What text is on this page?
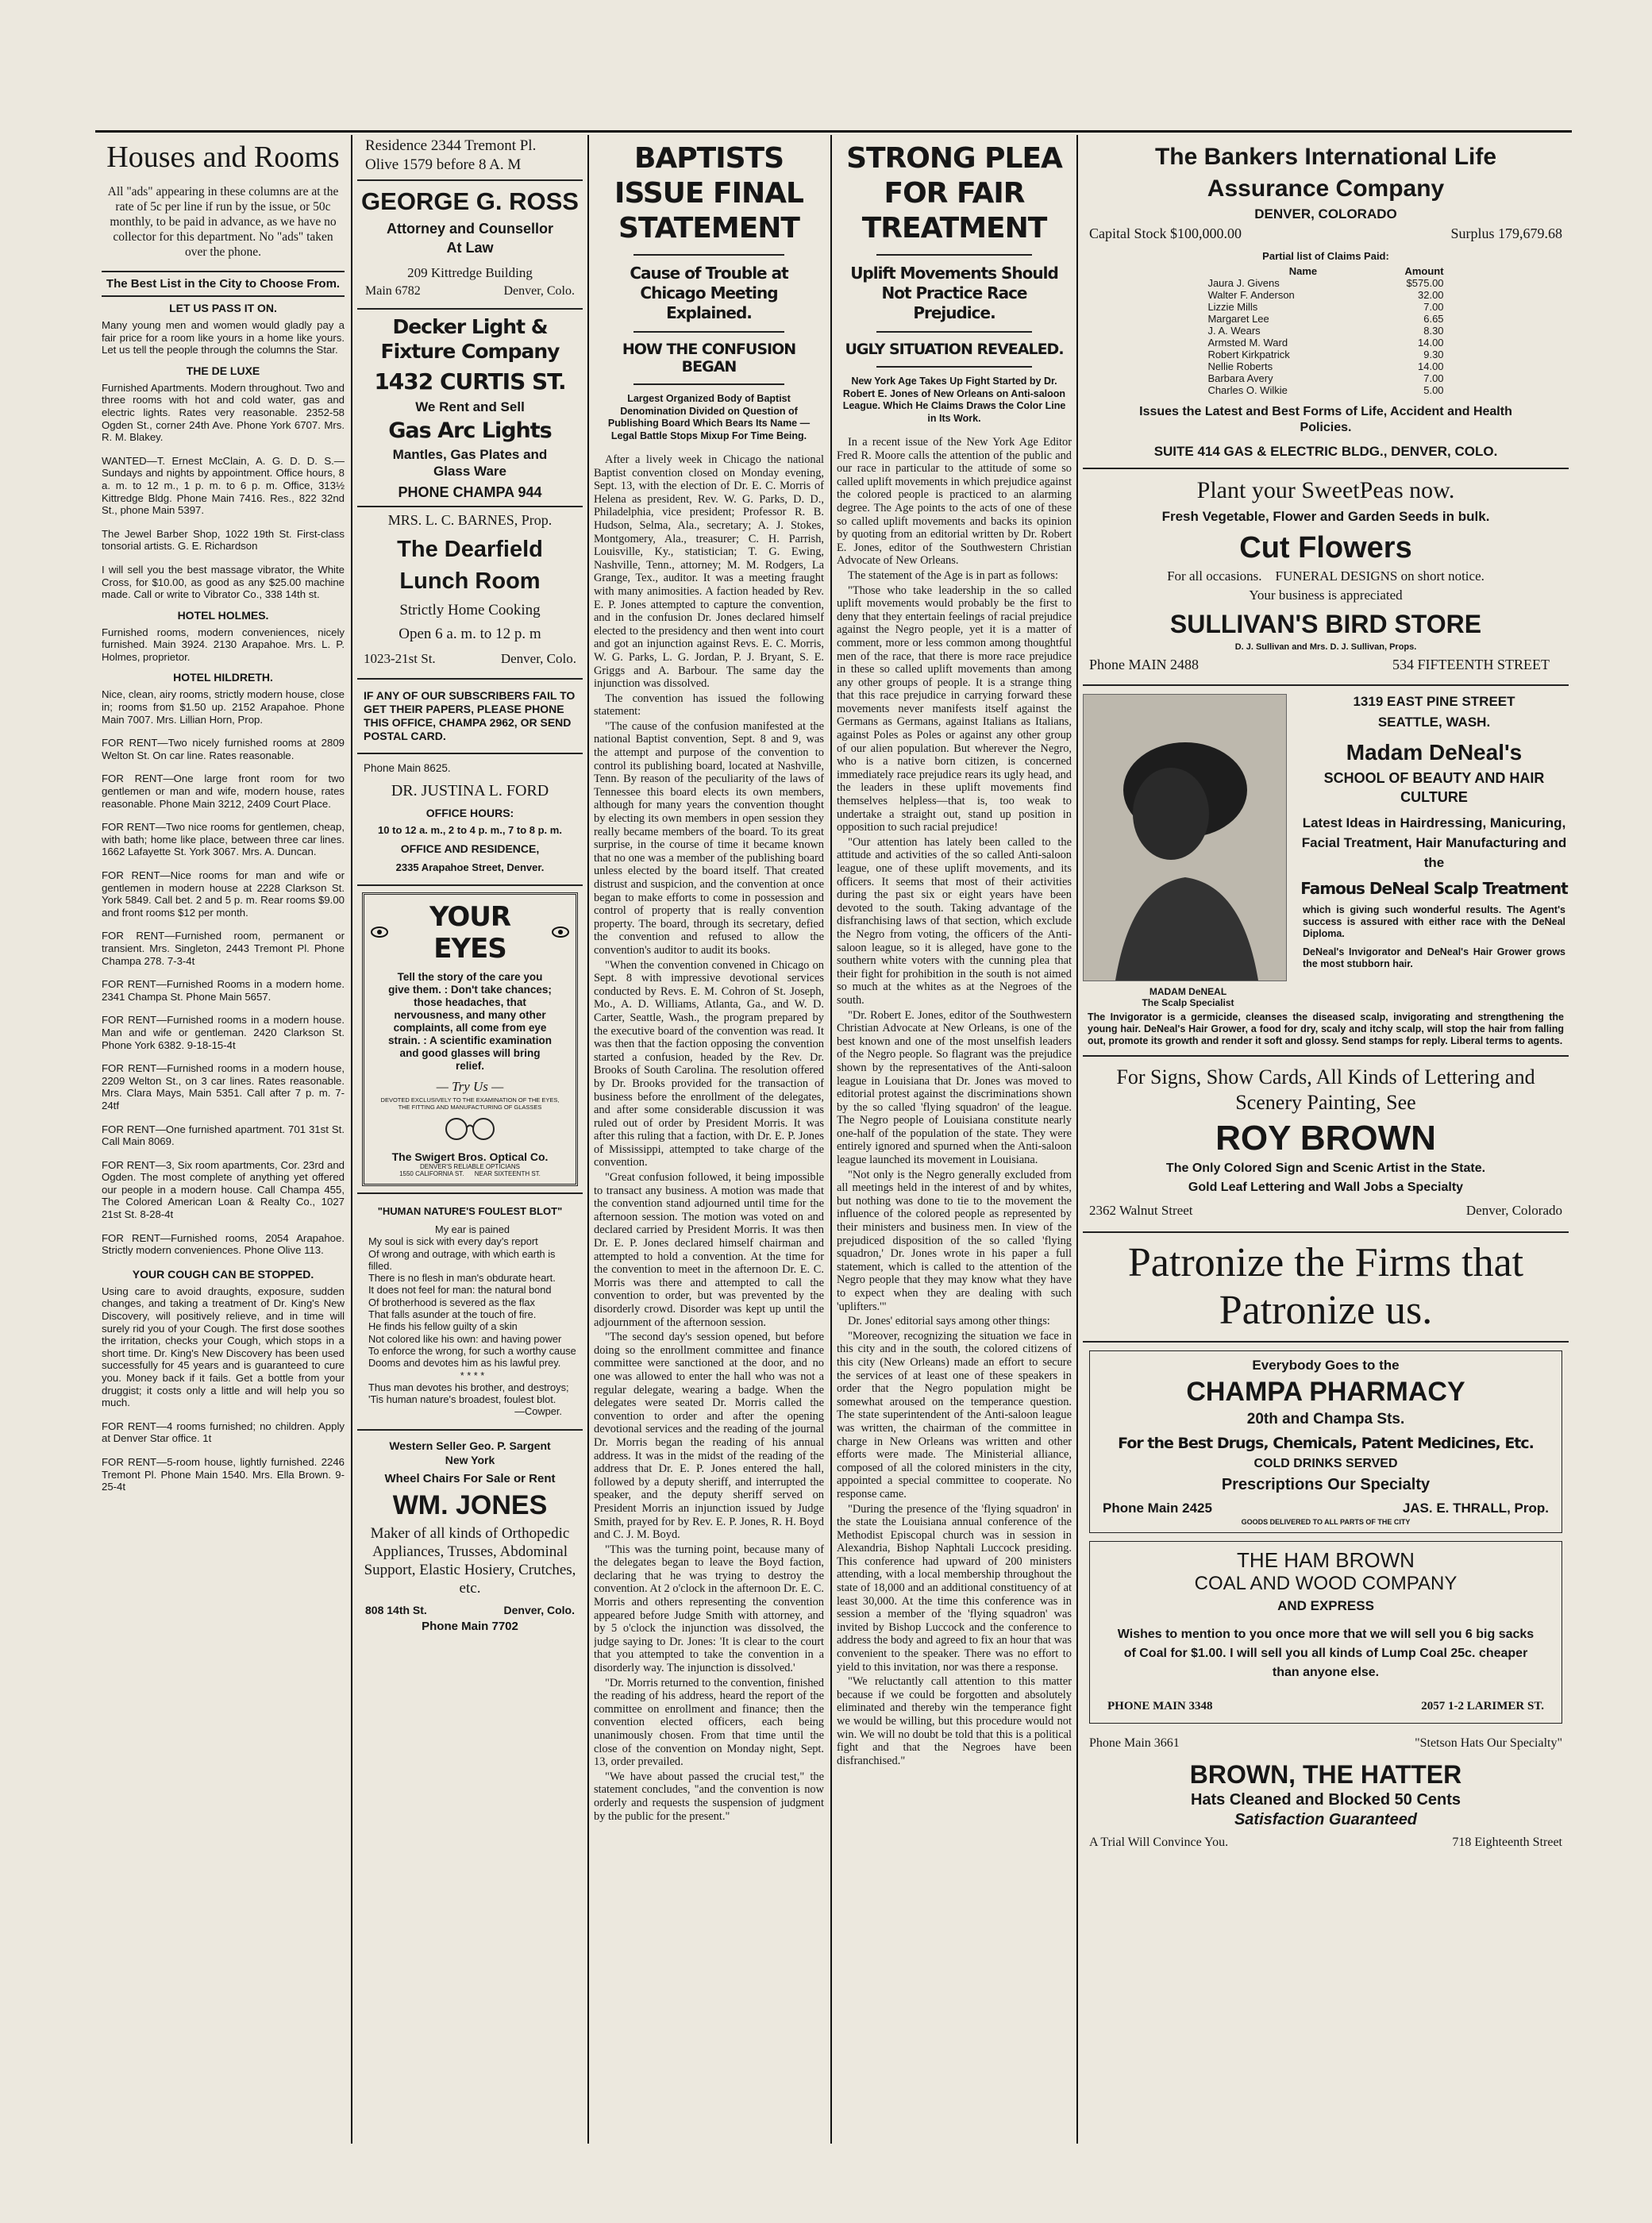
Houses and Rooms

All "ads" appearing in these columns are at the rate of 5c per line if run by the issue, or 50c monthly, to be paid in advance, as we have no collector for this department. No "ads" taken over the phone.

The Best List in the City to Choose From.
LET US PASS IT ON.

Many young men and women would gladly pay a fair price for a room like yours in a home like yours. Let us tell the people through the columns the Star.

THE DE LUXE

Furnished Apartments. Modern throughout. Two and three rooms with hot and cold water, gas and electric lights. Rates very reasonable. 2352-58 Ogden St., corner 24th Ave. Phone York 6707. Mrs. R. M. Blakey.

WANTED—T. Ernest McClain, A. G. D. D. S.—Sundays and nights by appointment. Office hours, 8 a. m. to 12 m., 1 p. m. to 6 p. m. Office, 313½ Kittredge Bldg. Phone Main 7416. Res., 822 32nd St., phone Main 5397.

The Jewel Barber Shop, 1022 19th St. First-class tonsorial artists. G. E. Richardson

I will sell you the best massage vibrator, the White Cross, for $10.00, as good as any $25.00 machine made. Call or write to Vibrator Co., 338 14th st.

HOTEL HOLMES.

Furnished rooms, modern conveniences, nicely furnished. Main 3924. 2130 Arapahoe. Mrs. L. P. Holmes, proprietor.

HOTEL HILDRETH.

Nice, clean, airy rooms, strictly modern house, close in; rooms from $1.50 up. 2152 Arapahoe. Phone Main 7007. Mrs. Lillian Horn, Prop.

FOR RENT—Two nicely furnished rooms at 2809 Welton St. On car line. Rates reasonable.

FOR RENT—One large front room for two gentlemen or man and wife, modern house, rates reasonable. Phone Main 3212, 2409 Court Place.

FOR RENT—Two nice rooms for gentlemen, cheap, with bath; home like place, between three car lines. 1662 Lafayette St. York 3067. Mrs. A. Duncan.

FOR RENT—Nice rooms for man and wife or gentlemen in modern house at 2228 Clarkson St. York 5849. Call bet. 2 and 5 p. m. Rear rooms $9.00 and front rooms $12 per month.

FOR RENT—Furnished room, permanent or transient. Mrs. Singleton, 2443 Tremont Pl. Phone Champa 278. 7-3-4t

FOR RENT—Furnished Rooms in a modern home. 2341 Champa St. Phone Main 5657.

FOR RENT—Furnished rooms in a modern house. Man and wife or gentleman. 2420 Clarkson St. Phone York 6382. 9-18-15-4t

FOR RENT—Furnished rooms in a modern house, 2209 Welton St., on 3 car lines. Rates reasonable. Mrs. Clara Mays, Main 5351. Call after 7 p. m. 7-24tf

FOR RENT—One furnished apartment. 701 31st St. Call Main 8069.

FOR RENT—3, Six room apartments, Cor. 23rd and Ogden. The most complete of anything yet offered our people in a modern house. Call Champa 455, The Colored American Loan & Realty Co., 1027 21st St. 8-28-4t

FOR RENT—Furnished rooms, 2054 Arapahoe. Strictly modern conveniences. Phone Olive 113.

YOUR COUGH CAN BE STOPPED.

Using care to avoid draughts, exposure, sudden changes, and taking a treatment of Dr. King's New Discovery, will positively relieve, and in time will surely rid you of your Cough. The first dose soothes the irritation, checks your Cough, which stops in a short time. Dr. King's New Discovery has been used successfully for 45 years and is guaranteed to cure you. Money back if it fails. Get a bottle from your druggist; it costs only a little and will help you so much.

FOR RENT—4 rooms furnished; no children. Apply at Denver Star office. 1t

FOR RENT—5-room house, lightly furnished. 2246 Tremont Pl. Phone Main 1540. Mrs. Ella Brown. 9-25-4t

Residence 2344 Tremont Pl.
Olive 1579 before 8 A. M
GEORGE G. ROSS
Attorney and Counsellor At Law
209 Kittredge Building
Main 6782	Denver, Colo.
Decker Light & Fixture Company
1432 CURTIS ST.
We Rent and Sell
Gas Arc Lights
Mantles, Gas Plates and Glass Ware
PHONE CHAMPA 944
MRS. L. C. BARNES, Prop.
The Dearfield Lunch Room
Strictly Home Cooking
Open 6 a. m. to 12 p. m
1023-21st St.	Denver, Colo.

IF ANY OF OUR SUBSCRIBERS FAIL TO GET THEIR PAPERS, PLEASE PHONE THIS OFFICE, CHAMPA 2962, OR SEND POSTAL CARD.

Phone Main 8625.
DR. JUSTINA L. FORD
OFFICE HOURS:
10 to 12 a. m., 2 to 4 p. m., 7 to 8 p. m.
OFFICE AND RESIDENCE,
2335 Arapahoe Street, Denver.
YOUR EYES

Tell the story of the care you give them. : Don't take chances; those headaches, that nervousness, and many other complaints, all come from eye strain. : A scientific examination and good glasses will bring relief.

— Try Us —
DEVOTED EXCLUSIVELY TO THE EXAMINATION OF THE EYES, THE FITTING AND MANUFACTURING OF GLASSES
The Swigert Bros. Optical Co.
DENVER'S RELIABLE OPTICIANS
1550 CALIFORNIA ST.      NEAR SIXTEENTH ST.
"HUMAN NATURE'S FOULEST BLOT"
My ear is pained
My soul is sick with every day's report
Of wrong and outrage, with which earth is filled.
There is no flesh in man's obdurate heart.
It does not feel for man: the natural bond
Of brotherhood is severed as the flax
That falls asunder at the touch of fire.
He finds his fellow guilty of a skin
Not colored like his own: and having power
To enforce the wrong, for such a worthy cause
Dooms and devotes him as his lawful prey.
* * * *
Thus man devotes his brother, and destroys;
'Tis human nature's broadest, foulest blot.
—Cowper.
Western Seller Geo. P. Sargent New York
Wheel Chairs For Sale or Rent
WM. JONES

Maker of all kinds of Orthopedic Appliances, Trusses, Abdominal Support, Elastic Hosiery, Crutches, etc.

808 14th St.	Denver, Colo.
Phone Main 7702
BAPTISTS ISSUE FINAL STATEMENT
Cause of Trouble at Chicago Meeting Explained.
HOW THE CONFUSION BEGAN

Largest Organized Body of Baptist Denomination Divided on Question of Publishing Board Which Bears Its Name — Legal Battle Stops Mixup For Time Being.

After a lively week in Chicago the national Baptist convention closed on Monday evening, Sept. 13, with the election of Dr. E. C. Morris of Helena as president, Rev. W. G. Parks, D. D., Philadelphia, vice president; Professor R. B. Hudson, Selma, Ala., secretary; A. J. Stokes, Montgomery, Ala., treasurer; C. H. Parrish, Louisville, Ky., statistician; T. G. Ewing, Nashville, Tenn., attorney; M. M. Rodgers, La Grange, Tex., auditor. It was a meeting fraught with many animosities. A faction headed by Rev. E. P. Jones attempted to capture the convention, and in the confusion Dr. Jones declared himself elected to the presidency and then went into court and got an injunction against Revs. E. C. Morris, W. G. Parks, L. G. Jordan, P. J. Bryant, S. E. Griggs and A. Barbour. The same day the injunction was dissolved.

The convention has issued the following statement:

"The cause of the confusion manifested at the national Baptist convention, Sept. 8 and 9, was the attempt and purpose of the convention to control its publishing board, located at Nashville, Tenn. By reason of the peculiarity of the laws of Tennessee this board elects its own members, although for many years the convention thought by electing its own members in open session they really became members of the board. To its great surprise, in the course of time it became known that no one was a member of the publishing board unless elected by the board itself. That created distrust and suspicion, and the convention at once began to make efforts to come in possession and control of property that is really convention property. The board, through its secretary, defied the convention and refused to allow the convention's auditor to audit its books.

"When the convention convened in Chicago on Sept. 8 with impressive devotional services conducted by Revs. E. M. Cohron of St. Joseph, Mo., A. D. Williams, Atlanta, Ga., and W. D. Carter, Seattle, Wash., the program prepared by the executive board of the convention was read. It was then that the faction opposing the convention started a confusion, headed by the Rev. Dr. Brooks of South Carolina. The resolution offered by Dr. Brooks provided for the transaction of business before the enrollment of the delegates, and after some considerable discussion it was ruled out of order by President Morris. It was after this ruling that a faction, with Dr. E. P. Jones of Mississippi, attempted to take charge of the convention.

"Great confusion followed, it being impossible to transact any business. A motion was made that the convention stand adjourned until time for the afternoon session. The motion was voted on and declared carried by President Morris. It was then Dr. E. P. Jones declared himself chairman and attempted to hold a convention. At the time for the convention to meet in the afternoon Dr. E. C. Morris was there and attempted to call the convention to order, but was prevented by the disorderly crowd. Disorder was kept up until the adjournment of the afternoon session.

"The second day's session opened, but before doing so the enrollment committee and finance committee were sanctioned at the door, and no one was allowed to enter the hall who was not a regular delegate, wearing a badge. When the delegates were seated Dr. Morris called the convention to order and after the opening devotional services and the reading of the journal Dr. Morris began the reading of his annual address. It was in the midst of the reading of the address that Dr. E. P. Jones entered the hall, followed by a deputy sheriff, and interrupted the speaker, and the deputy sheriff served on President Morris an injunction issued by Judge Smith, prayed for by Rev. E. P. Jones, R. H. Boyd and C. J. M. Boyd.

"This was the turning point, because many of the delegates began to leave the Boyd faction, declaring that he was trying to destroy the convention. At 2 o'clock in the afternoon Dr. E. C. Morris and others representing the convention appeared before Judge Smith with attorney, and by 5 o'clock the injunction was dissolved, the judge saying to Dr. Jones: 'It is clear to the court that you attempted to take the convention in a disorderly way. The injunction is dissolved.'

"Dr. Morris returned to the convention, finished the reading of his address, heard the report of the committee on enrollment and finance; then the convention elected officers, each being unanimously chosen. From that time until the close of the convention on Monday night, Sept. 13, order prevailed.

"We have about passed the crucial test," the statement concludes, "and the convention is now orderly and requests the suspension of judgment by the public for the present."

STRONG PLEA FOR FAIR TREATMENT
Uplift Movements Should Not Practice Race Prejudice.
UGLY SITUATION REVEALED.

New York Age Takes Up Fight Started by Dr. Robert E. Jones of New Orleans on Anti-saloon League. Which He Claims Draws the Color Line in Its Work.

In a recent issue of the New York Age Editor Fred R. Moore calls the attention of the public and our race in particular to the attitude of some so called uplift movements in which prejudice against the colored people is practiced to an alarming degree. The Age points to the acts of one of these so called uplift movements and backs its opinion by quoting from an editorial written by Dr. Robert E. Jones, editor of the Southwestern Christian Advocate of New Orleans.

The statement of the Age is in part as follows:

"Those who take leadership in the so called uplift movements would probably be the first to deny that they entertain feelings of racial prejudice against the Negro people, yet it is a matter of comment, more or less common among thoughtful men of the race, that there is more race prejudice in these so called uplift movements than among any other groups of people. It is a strange thing that this race prejudice in carrying forward these movements never manifests itself against the Germans as Germans, against Italians as Italians, against Poles as Poles or against any other group of our alien population. But wherever the Negro, who is a native born citizen, is concerned immediately race prejudice rears its ugly head, and the leaders in these uplift movements find themselves helpless—that is, too weak to undertake a straight out, stand up position in opposition to such racial prejudice!

"Our attention has lately been called to the attitude and activities of the so called Anti-saloon league, one of these uplift movements, and its officers. It seems that most of their activities during the past six or eight years have been devoted to the south. Taking advantage of the disfranchising laws of that section, which exclude the Negro from voting, the officers of the Anti-saloon league, so it is alleged, have gone to the southern white voters with the cunning plea that their fight for prohibition in the south is not aimed so much at the whites as at the Negroes of the south.

"Dr. Robert E. Jones, editor of the Southwestern Christian Advocate at New Orleans, is one of the best known and one of the most unselfish leaders of the Negro people. So flagrant was the prejudice shown by the representatives of the Anti-saloon league in Louisiana that Dr. Jones was moved to editorial protest against the discriminations shown by the so called 'flying squadron' of the league. The Negro people of Louisiana constitute nearly one-half of the population of the state. They were entirely ignored and spurned when the Anti-saloon league launched its movement in Louisiana.

"Not only is the Negro generally excluded from all meetings held in the interest of and by whites, but nothing was done to tie to the movement the influence of the colored people as represented by their ministers and business men. In view of the prejudiced disposition of the so called 'flying squadron,' Dr. Jones wrote in his paper a full statement, which is called to the attention of the Negro people that they may know what they have to expect when they are dealing with such 'uplifters.'"

Dr. Jones' editorial says among other things:

"Moreover, recognizing the situation we face in this city and in the south, the colored citizens of this city (New Orleans) made an effort to secure the services of at least one of these speakers in order that the Negro population might be somewhat aroused on the temperance question. The state superintendent of the Anti-saloon league was written, the chairman of the committee in charge in New Orleans was written and other efforts were made. The Ministerial alliance, composed of all the colored ministers in the city, appointed a special committee to cooperate. No response came.

"During the presence of the 'flying squadron' in the state the Louisiana annual conference of the Methodist Episcopal church was in session in Alexandria, Bishop Naphtali Luccock presiding. This conference had upward of 200 ministers attending, with a local membership throughout the state of 18,000 and an additional constituency of at least 30,000. At the time this conference was in session a member of the 'flying squadron' was invited by Bishop Luccock and the conference to address the body and agreed to fix an hour that was convenient to the speaker. There was no effort to yield to this invitation, nor was there a response.

"We reluctantly call attention to this matter because if we could be forgotten and absolutely eliminated and thereby win the temperance fight we would be willing, but this procedure would not win. We will no doubt be told that this is a political fight and that the Negroes have been disfranchised."

The Bankers International Life Assurance Company
DENVER, COLORADO
Capital Stock $100,000.00	Surplus 179,679.68
Partial list of Claims Paid:
Name	Amount
Jaura J. Givens	$575.00
Walter F. Anderson	32.00
Lizzie Mills	7.00
Margaret Lee	6.65
J. A. Wears	8.30
Armsted M. Ward	14.00
Robert Kirkpatrick	9.30
Nellie Roberts	14.00
Barbara Avery	7.00
Charles O. Wilkie	5.00
Issues the Latest and Best Forms of Life, Accident and Health Policies.
SUITE 414 GAS & ELECTRIC BLDG., DENVER, COLO.
Plant your SweetPeas now.
Fresh Vegetable, Flower and Garden Seeds in bulk.
Cut Flowers
For all occasions.    FUNERAL DESIGNS on short notice.
Your business is appreciated
SULLIVAN'S BIRD STORE
D. J. Sullivan and Mrs. D. J. Sullivan, Props.
Phone MAIN 2488	534 FIFTEENTH STREET
MADAM DeNEAL
The Scalp Specialist
1319 EAST PINE STREET
SEATTLE, WASH.
Madam DeNeal's
SCHOOL OF BEAUTY AND HAIR CULTURE
Latest Ideas in Hairdressing, Manicuring, Facial Treatment, Hair Manufacturing and the
Famous DeNeal Scalp Treatment

which is giving such wonderful results. The Agent's success is assured with either race with the DeNeal Diploma.

DeNeal's Invigorator and DeNeal's Hair Grower grows the most stubborn hair.

The Invigorator is a germicide, cleanses the diseased scalp, invigorating and strengthening the young hair. DeNeal's Hair Grower, a food for dry, scaly and itchy scalp, will stop the hair from falling out, promote its growth and render it soft and glossy. Send stamps for reply. Liberal terms to agents.

For Signs, Show Cards, All Kinds of Lettering and Scenery Painting, See
ROY BROWN
The Only Colored Sign and Scenic Artist in the State.
Gold Leaf Lettering and Wall Jobs a Specialty
2362 Walnut Street	Denver, Colorado
Patronize the Firms that Patronize us.
Everybody Goes to the
CHAMPA PHARMACY
20th and Champa Sts.
For the Best Drugs, Chemicals, Patent Medicines, Etc.
COLD DRINKS SERVED
Prescriptions Our Specialty
Phone Main 2425	JAS. E. THRALL, Prop.
GOODS DELIVERED TO ALL PARTS OF THE CITY
THE HAM BROWN
COAL AND WOOD COMPANY
AND EXPRESS

Wishes to mention to you once more that we will sell you 6 big sacks of Coal for $1.00. I will sell you all kinds of Lump Coal 25c. cheaper than anyone else.

PHONE MAIN 3348	2057 1-2 LARIMER ST.
Phone Main 3661	"Stetson Hats Our Specialty"
BROWN, THE HATTER
Hats Cleaned and Blocked 50 Cents
Satisfaction Guaranteed
A Trial Will Convince You.	718 Eighteenth Street
